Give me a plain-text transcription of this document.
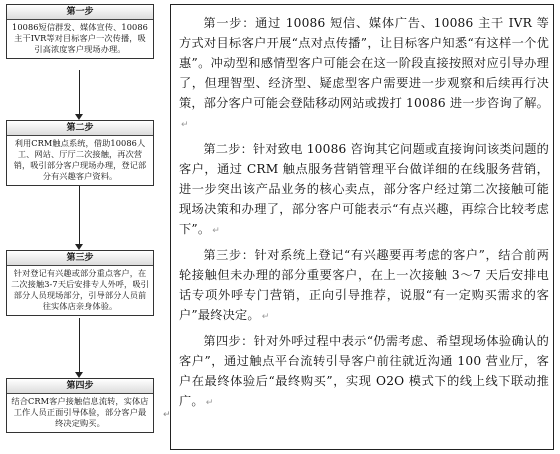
第一步
10086短信群发、媒体宣传、10086主干IVR等对目标客户一次传播，吸引高浓度客户现场办理。
第二步
利用CRM触点系统，借助10086人工、网站、厅厅二次接触，再次营销，吸引部分客户现场办理，登记部分有兴趣客户资料。
第三步
针对登记有兴趣或部分重点客户，在二次接触3-7天后安排专人外呼，吸引部分人员现场部分，引导部分人员前往实体店亲身体验。
第四步
结合CRM客户接触信息流转，实体店工作人员正面引导体验，部分客户最终决定购买。
↵

第一步：通过 10086 短信、媒体广告、10086 主干 IVR 等方式对目标客户开展“点对点传播”，让目标客户知悉“有这样一个优惠”。冲动型和感情型客户可能会在这一阶段直接按照对应引导办理了，但理智型、经济型、疑虑型客户需要进一步观察和后续再行决策，部分客户可能会登陆移动网站或拨打 10086 进一步咨询了解。↵

第二步：针对致电 10086 咨询其它问题或直接询问该类问题的客户，通过 CRM 触点服务营销管理平台做详细的在线服务营销，进一步突出该产品业务的核心卖点，部分客户经过第二次接触可能现场决策和办理了，部分客户可能表示“有点兴趣，再综合比较考虑下”。 ↵

第三步：针对系统上登记“有兴趣要再考虑的客户”，结合前两轮接触但未办理的部分重要客户，在上一次接触 3～7 天后安排电话专项外呼专门营销，正向引导推荐，说服“有一定购买需求的客户”最终决定。 ↵

第四步：针对外呼过程中表示“仍需考虑、希望现场体验确认的客户”，通过触点平台流转引导客户前往就近沟通 100 营业厅，客户在最终体验后“最终购买”，实现 O2O 模式下的线上线下联动推广。 ↵
